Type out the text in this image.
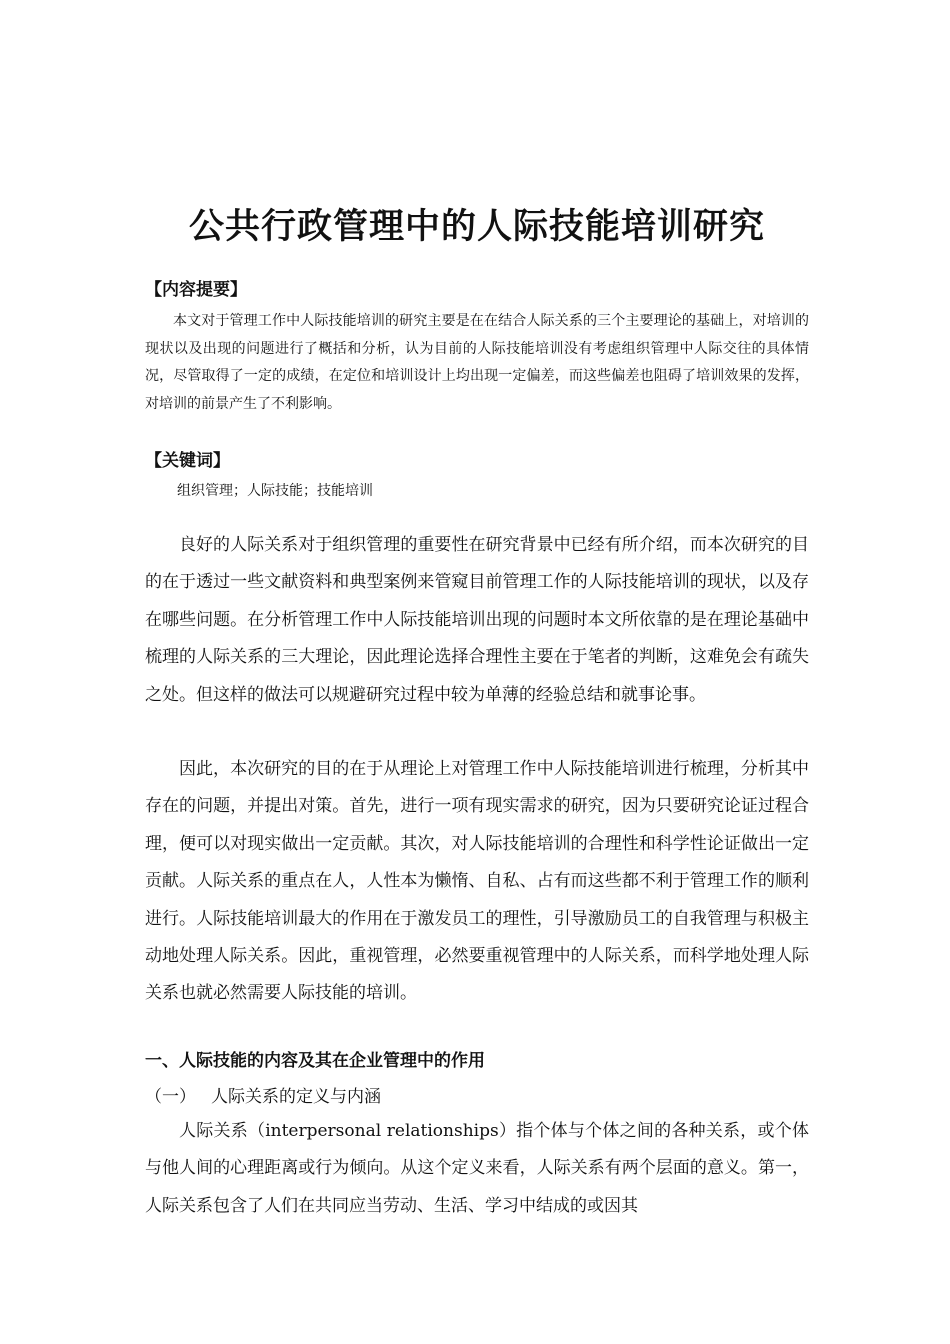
公共行政管理中的人际技能培训研究

【内容提要】

本文对于管理工作中人际技能培训的研究主要是在在结合人际关系的三个主要理论的基础上，对培训的现状以及出现的问题进行了概括和分析，认为目前的人际技能培训没有考虑组织管理中人际交往的具体情况，尽管取得了一定的成绩，在定位和培训设计上均出现一定偏差，而这些偏差也阻碍了培训效果的发挥，对培训的前景产生了不利影响。

【关键词】

组织管理；人际技能；技能培训

良好的人际关系对于组织管理的重要性在研究背景中已经有所介绍，而本次研究的目的在于透过一些文献资料和典型案例来管窥目前管理工作的人际技能培训的现状，以及存在哪些问题。在分析管理工作中人际技能培训出现的问题时本文所依靠的是在理论基础中梳理的人际关系的三大理论，因此理论选择合理性主要在于笔者的判断，这难免会有疏失之处。但这样的做法可以规避研究过程中较为单薄的经验总结和就事论事。

因此，本次研究的目的在于从理论上对管理工作中人际技能培训进行梳理，分析其中存在的问题，并提出对策。首先，进行一项有现实需求的研究，因为只要研究论证过程合理，便可以对现实做出一定贡献。其次，对人际技能培训的合理性和科学性论证做出一定贡献。人际关系的重点在人，人性本为懒惰、自私、占有而这些都不利于管理工作的顺利进行。人际技能培训最大的作用在于激发员工的理性，引导激励员工的自我管理与积极主动地处理人际关系。因此，重视管理，必然要重视管理中的人际关系，而科学地处理人际关系也就必然需要人际技能的培训。

一、人际技能的内容及其在企业管理中的作用

（一） 人际关系的定义与内涵

人际关系（interpersonal relationships）指个体与个体之间的各种关系，或个体与他人间的心理距离或行为倾向。从这个定义来看，人际关系有两个层面的意义。第一，人际关系包含了人们在共同应当劳动、生活、学习中结成的或因其
